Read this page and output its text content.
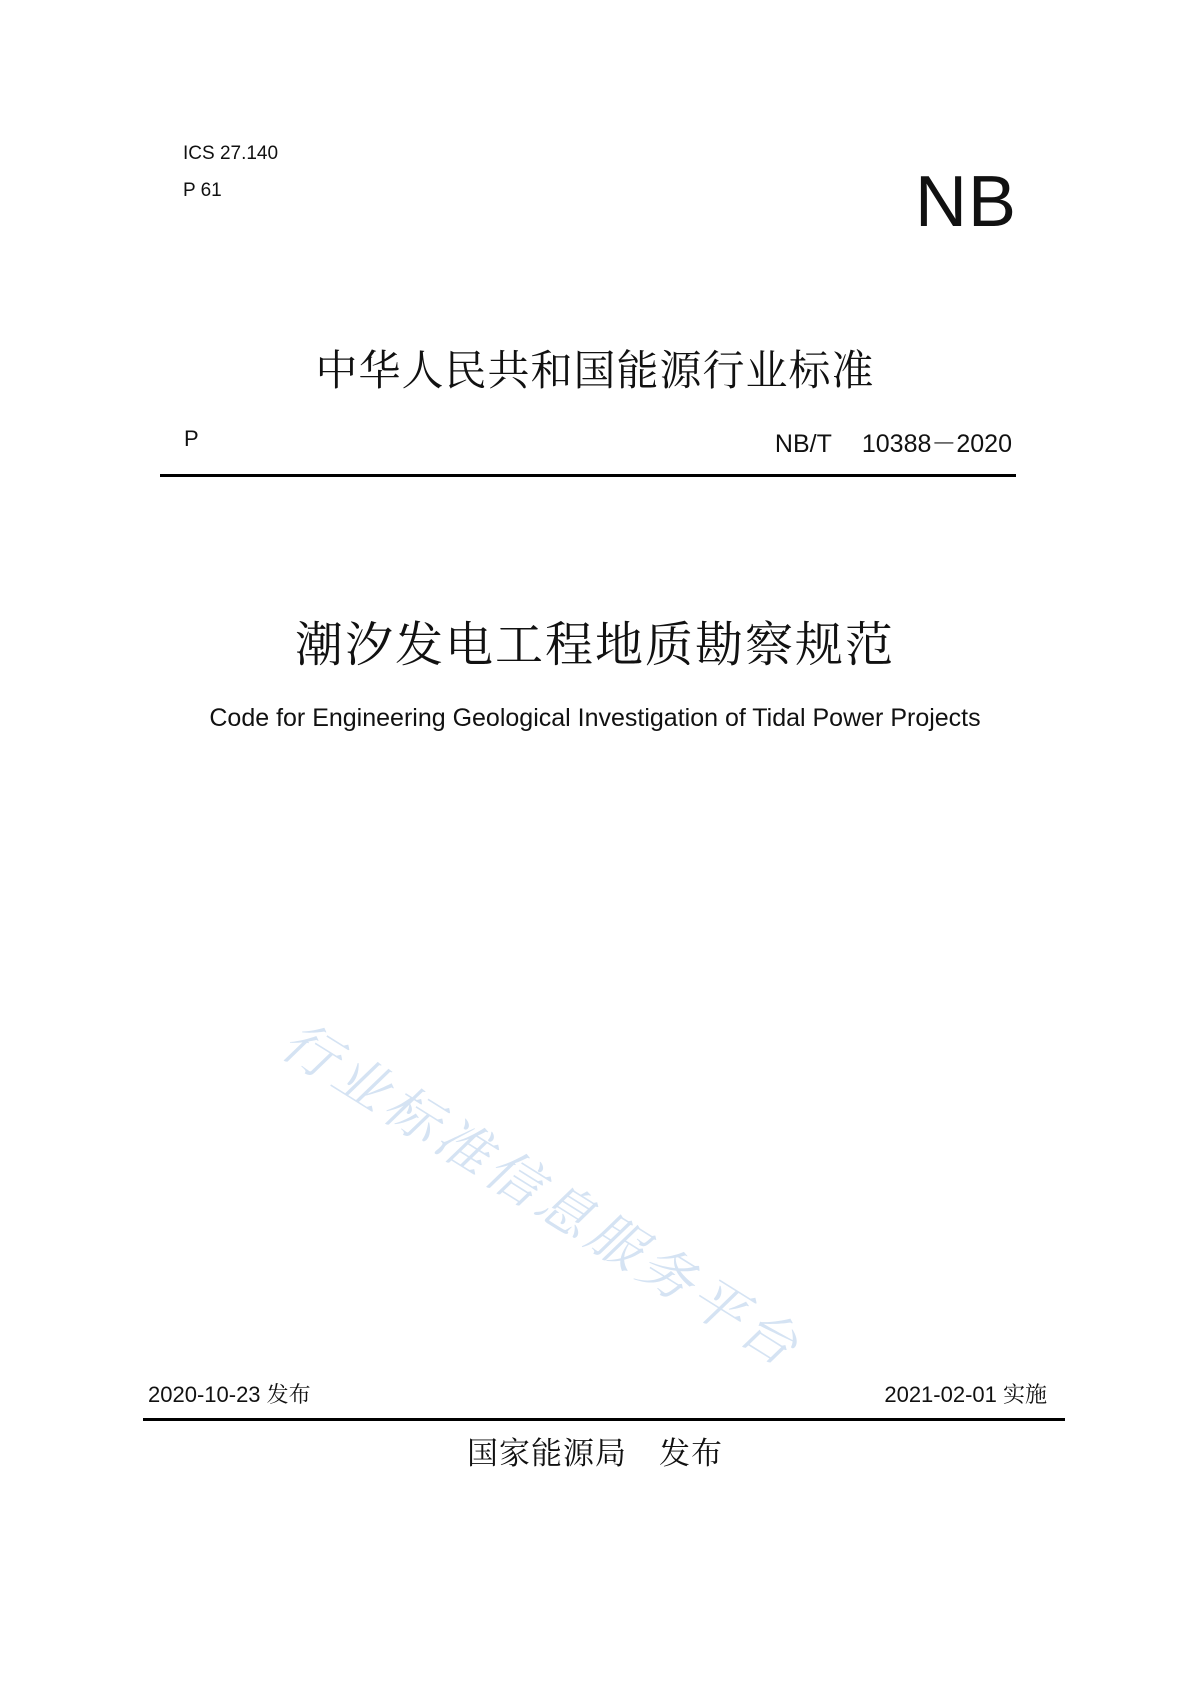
ICS 27.140
P 61	NB
中华人民共和国能源行业标准
P	NB/T 10388－2020
潮汐发电工程地质勘察规范
Code for Engineering Geological Investigation of Tidal Power Projects
行业标准信息服务平台
2020-10-23 发布	2021-02-01 实施
国家能源局 发布
